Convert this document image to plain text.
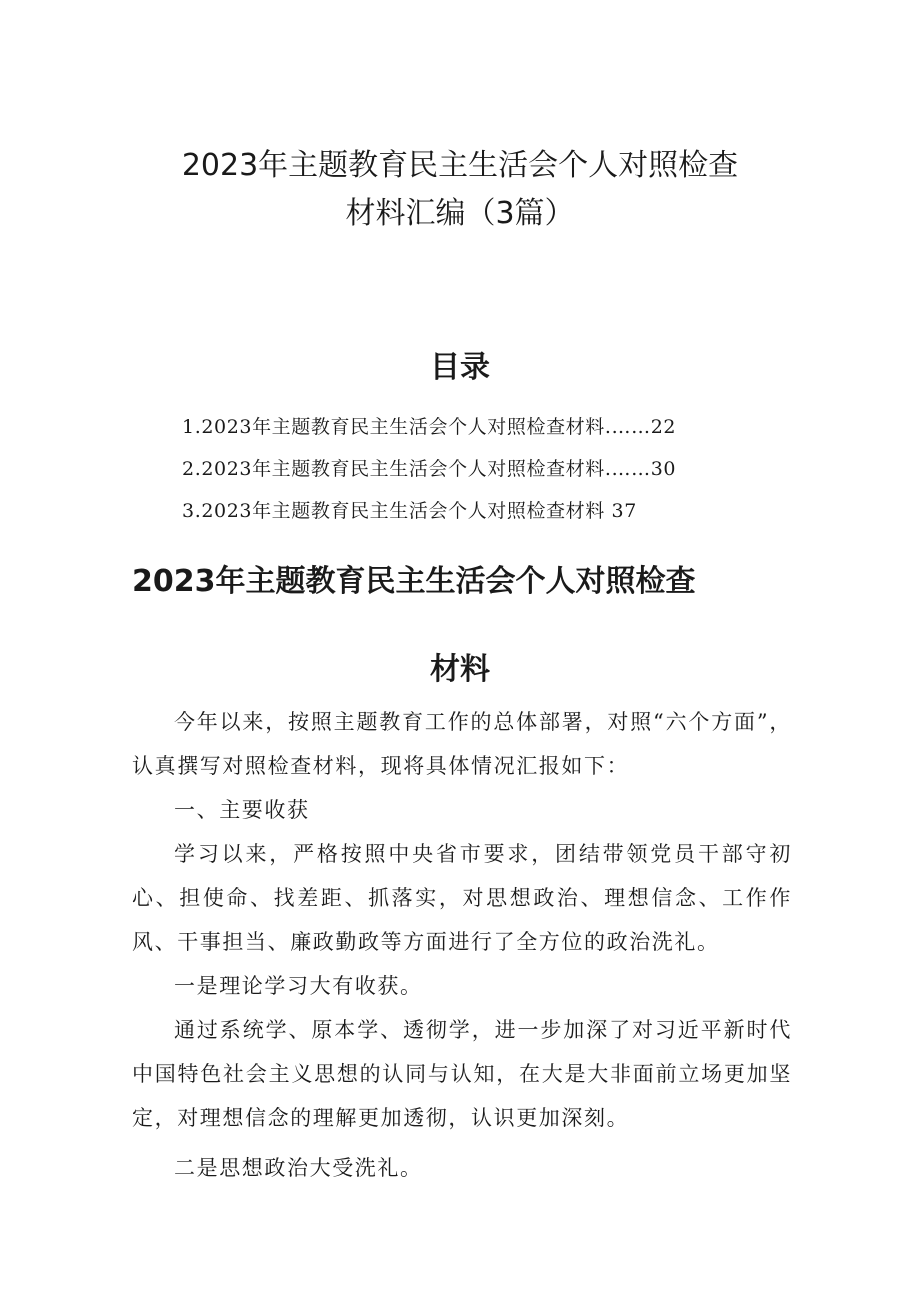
2023年主题教育民主生活会个人对照检查
材料汇编（3篇）
目录
1.2023年主题教育民主生活会个人对照检查材料.……22
2.2023年主题教育民主生活会个人对照检查材料.……30
3.2023年主题教育民主生活会个人对照检查材料 37
2023年主题教育民主生活会个人对照检查
材料

今年以来，按照主题教育工作的总体部署，对照“六个方面”，认真撰写对照检查材料，现将具体情况汇报如下：

一、主要收获

学习以来，严格按照中央省市要求，团结带领党员干部守初心、担使命、找差距、抓落实，对思想政治、理想信念、工作作风、干事担当、廉政勤政等方面进行了全方位的政治洗礼。

一是理论学习大有收获。

通过系统学、原本学、透彻学，进一步加深了对习近平新时代中国特色社会主义思想的认同与认知，在大是大非面前立场更加坚定，对理想信念的理解更加透彻，认识更加深刻。

二是思想政治大受洗礼。
